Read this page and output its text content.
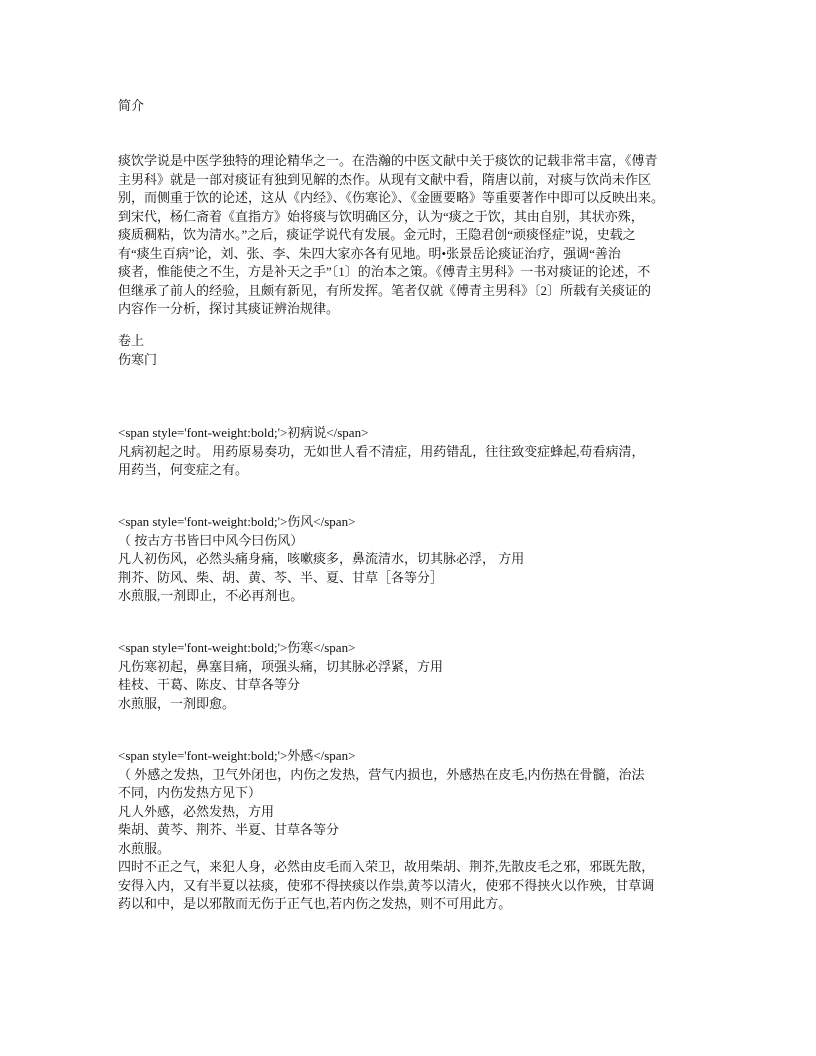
简介
痰饮学说是中医学独特的理论精华之一。在浩瀚的中医文献中关于痰饮的记载非常丰富，《傅青
主男科》就是一部对痰证有独到见解的杰作。从现有文献中看，隋唐以前，对痰与饮尚未作区
别，而侧重于饮的论述，这从《内经》、《伤寒论》、《金匮要略》等重要著作中即可以反映出来。
到宋代，杨仁斋着《直指方》始将痰与饮明确区分，认为“痰之于饮，其由自别，其状亦殊，
痰质稠粘，饮为清水。”之后，痰证学说代有发展。金元时，王隐君创“顽痰怪症”说，史载之
有“痰生百病”论，刘、张、李、朱四大家亦各有见地。明•张景岳论痰证治疗，强调“善治
痰者，惟能使之不生，方是补天之手”〔1〕的治本之策。《傅青主男科》一书对痰证的论述，不
但继承了前人的经验，且颇有新见，有所发挥。笔者仅就《傅青主男科》〔2〕所载有关痰证的
内容作一分析，探讨其痰证辨治规律。
卷上
伤寒门
<span style='font-weight:bold;'>初病说</span>
凡病初起之时。 用药原易奏功，无如世人看不清症，用药错乱，往往致变症蜂起,苟看病清，
用药当，何变症之有。
<span style='font-weight:bold;'>伤风</span>
（ 按古方书皆曰中风今曰伤风）
凡人初伤风，必然头痛身痛，咳嗽痰多，鼻流清水，切其脉必浮， 方用
荆芥、防风、柴、胡、黄、芩、半、夏、甘草［各等分］
水煎服,一剂即止，不必再剂也。
<span style='font-weight:bold;'>伤寒</span>
凡伤寒初起，鼻塞目痛，项强头痛，切其脉必浮紧，方用
桂枝、干葛、陈皮、甘草各等分
水煎服，一剂即愈。
<span style='font-weight:bold;'>外感</span>
（ 外感之发热，卫气外闭也，内伤之发热，营气内损也，外感热在皮毛,内伤热在骨髓，治法
不同，内伤发热方见下）
凡人外感，必然发热，方用
柴胡、黄芩、荆芥、半夏、甘草各等分
水煎服。
四时不正之气，来犯人身，必然由皮毛而入荣卫，故用柴胡、荆芥,先散皮毛之邪，邪既先散，
安得入内，又有半夏以祛痰，使邪不得挟痰以作祟,黄芩以清火，使邪不得挟火以作殃，甘草调
药以和中，是以邪散而无伤于正气也,若内伤之发热，则不可用此方。
